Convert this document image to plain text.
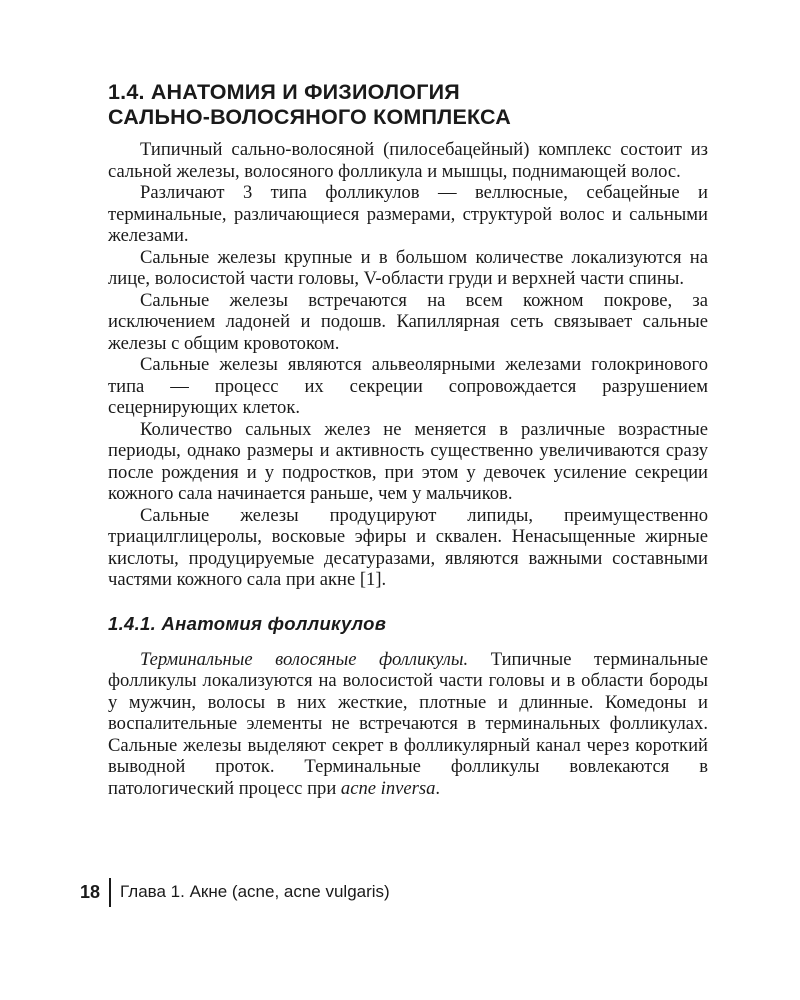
1.4. АНАТОМИЯ И ФИЗИОЛОГИЯ
САЛЬНО-ВОЛОСЯНОГО КОМПЛЕКСА

Типичный сально-волосяной (пилосебацейный) комплекс состоит из сальной железы, волосяного фолликула и мышцы, поднимающей волос.

Различают 3 типа фолликулов — веллюсные, себацейные и терминальные, различающиеся размерами, структурой волос и сальными железами.

Сальные железы крупные и в большом количестве локализуются на лице, волосистой части головы, V-области груди и верхней части спины.

Сальные железы встречаются на всем кожном покрове, за исключением ладоней и подошв. Капиллярная сеть связывает сальные железы с общим кровотоком.

Сальные железы являются альвеолярными железами голокринового типа — процесс их секреции сопровождается разрушением сецернирующих клеток.

Количество сальных желез не меняется в различные возрастные периоды, однако размеры и активность существенно увеличиваются сразу после рождения и у подростков, при этом у девочек усиление секреции кожного сала начинается раньше, чем у мальчиков.

Сальные железы продуцируют липиды, преимущественно триацилглицеролы, восковые эфиры и сквален. Ненасыщенные жирные кислоты, продуцируемые десатуразами, являются важными составными частями кожного сала при акне [1].

1.4.1. Анатомия фолликулов

Терминальные волосяные фолликулы. Типичные терминальные фолликулы локализуются на волосистой части головы и в области бороды у мужчин, волосы в них жесткие, плотные и длинные. Комедоны и воспалительные элементы не встречаются в терминальных фолликулах. Сальные железы выделяют секрет в фолликулярный канал через короткий выводной проток. Терминальные фолликулы вовлекаются в патологический процесс при acne inversa.

18	Глава 1. Акне (acne, acne vulgaris)
